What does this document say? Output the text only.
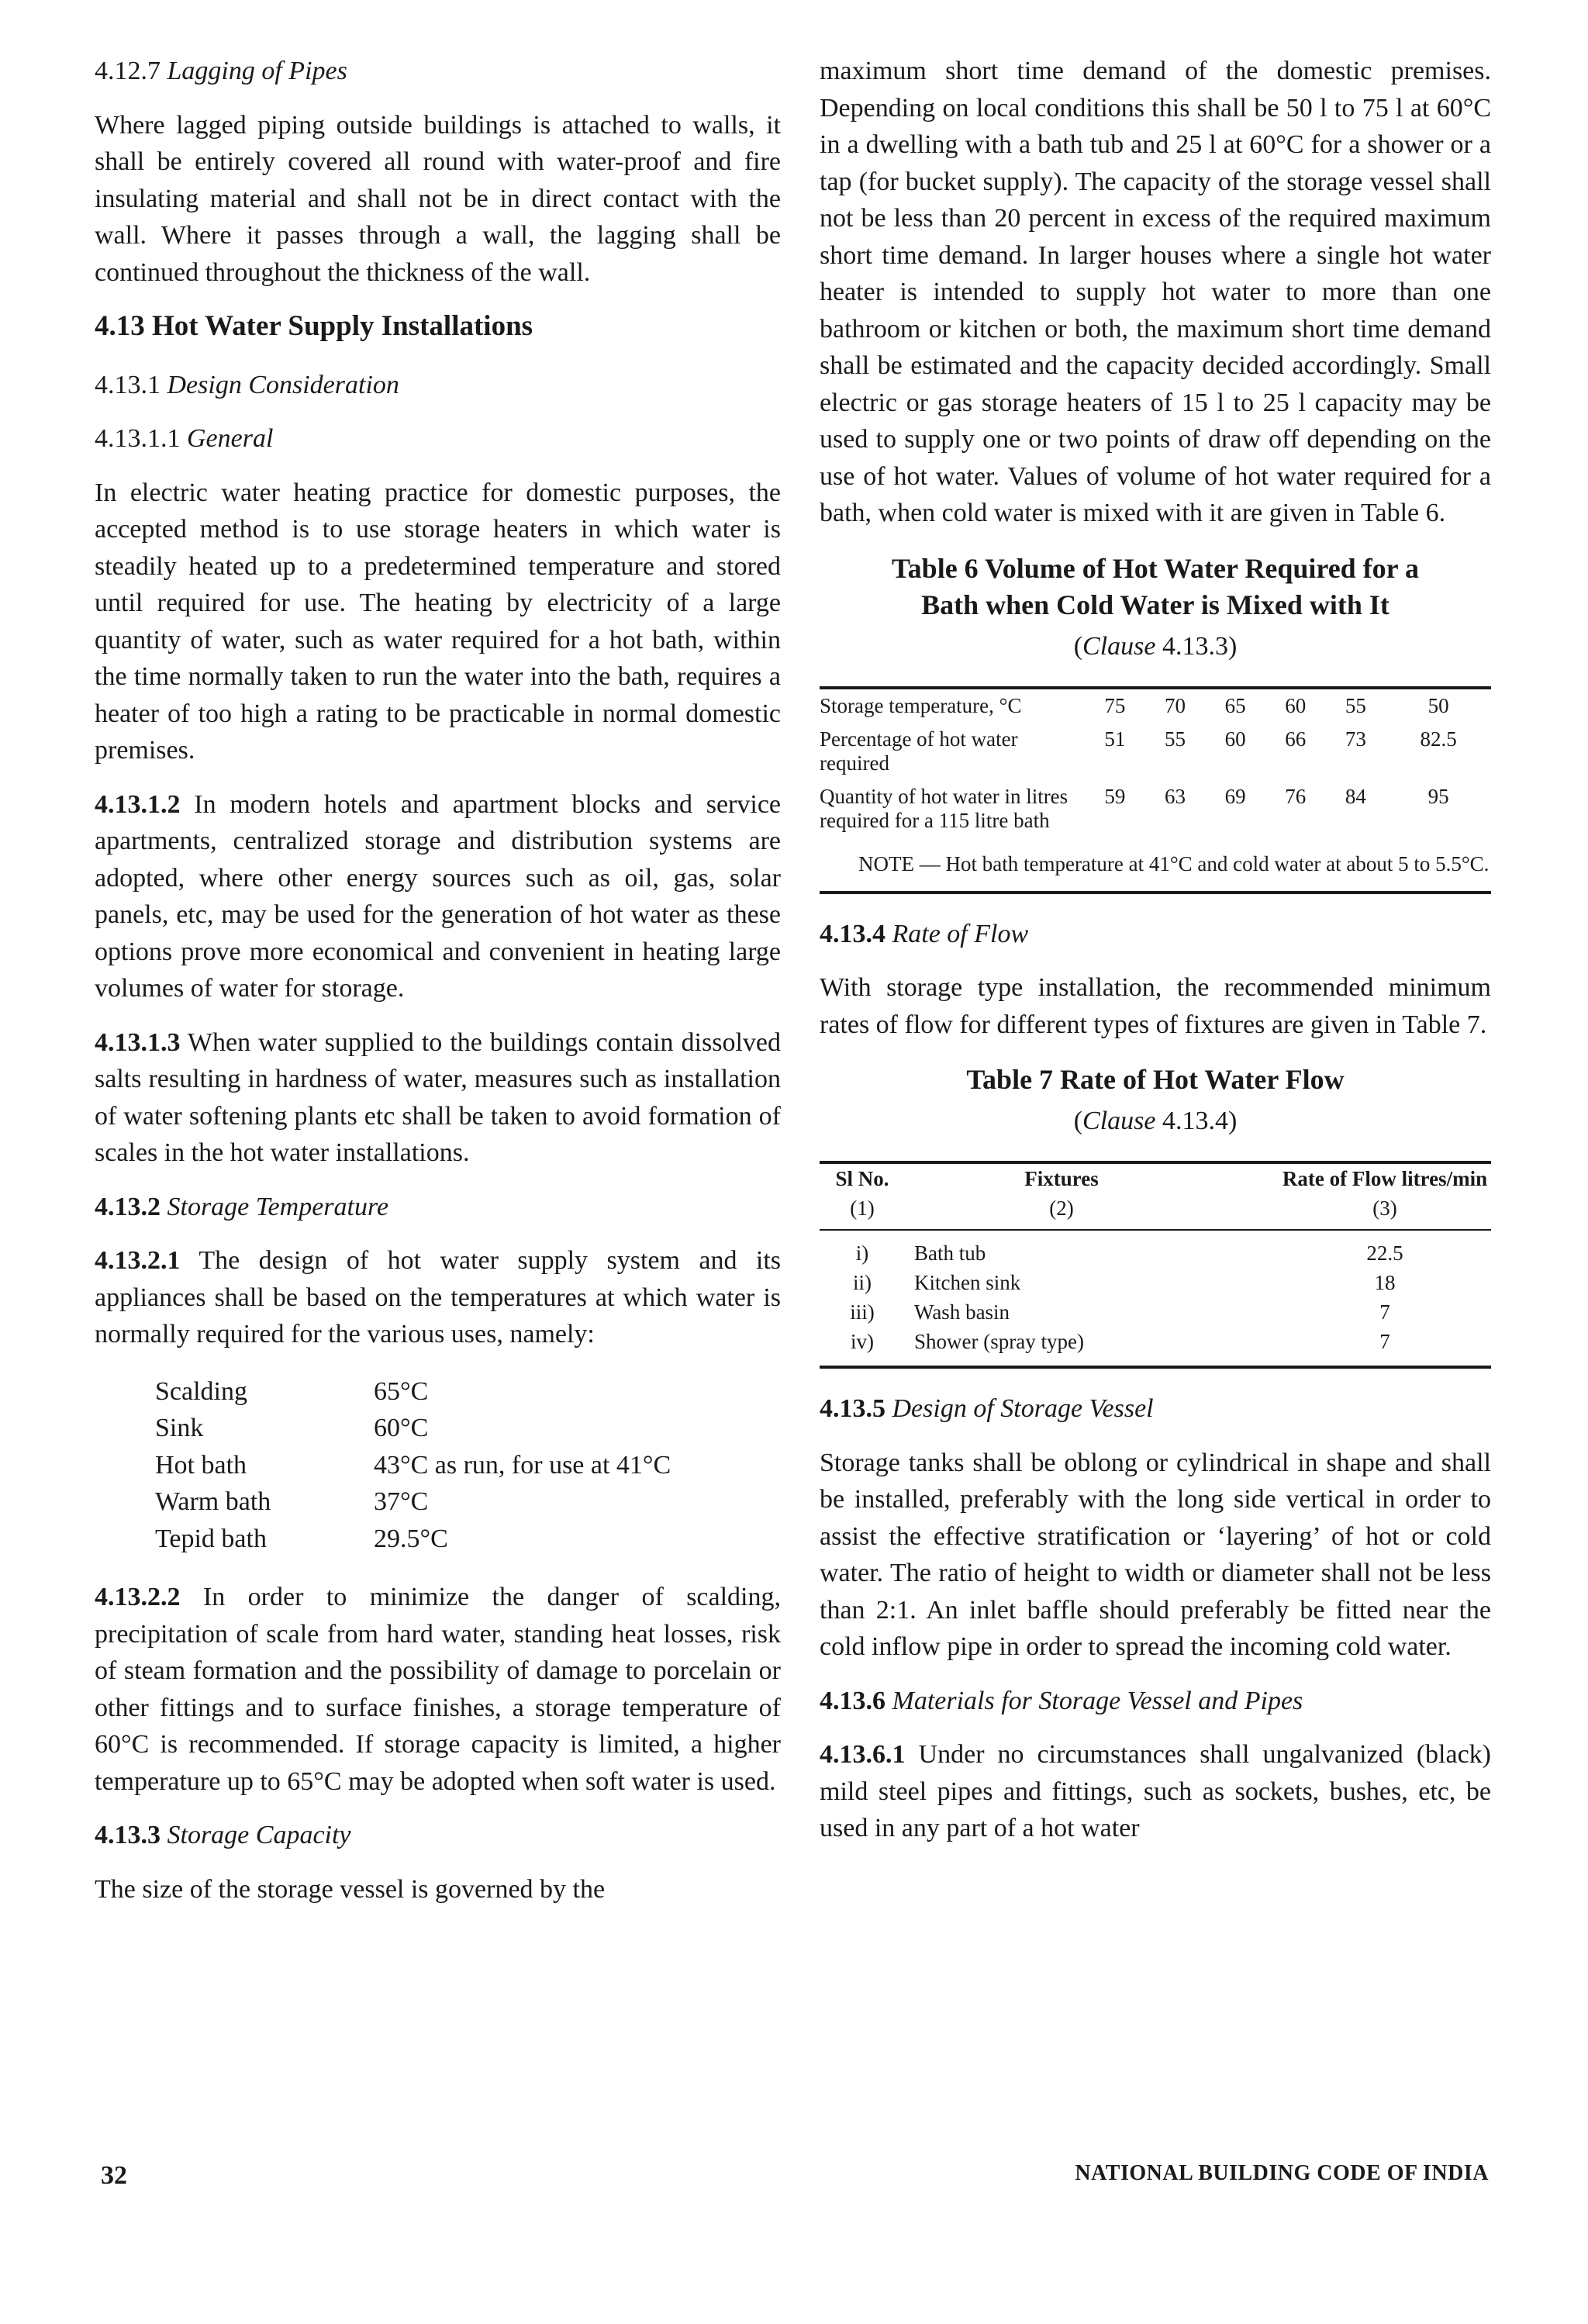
4.12.7 Lagging of Pipes

Where lagged piping outside buildings is attached to walls, it shall be entirely covered all round with water-proof and fire insulating material and shall not be in direct contact with the wall. Where it passes through a wall, the lagging shall be continued throughout the thickness of the wall.

4.13 Hot Water Supply Installations
4.13.1 Design Consideration
4.13.1.1 General

In electric water heating practice for domestic purposes, the accepted method is to use storage heaters in which water is steadily heated up to a predetermined temperature and stored until required for use. The heating by electricity of a large quantity of water, such as water required for a hot bath, within the time normally taken to run the water into the bath, requires a heater of too high a rating to be practicable in normal domestic premises.

4.13.1.2 In modern hotels and apartment blocks and service apartments, centralized storage and distribution systems are adopted, where other energy sources such as oil, gas, solar panels, etc, may be used for the generation of hot water as these options prove more economical and convenient in heating large volumes of water for storage.

4.13.1.3 When water supplied to the buildings contain dissolved salts resulting in hardness of water, measures such as installation of water softening plants etc shall be taken to avoid formation of scales in the hot water installations.

4.13.2 Storage Temperature

4.13.2.1 The design of hot water supply system and its appliances shall be based on the temperatures at which water is normally required for the various uses, namely:

Scalding	65°C
Sink	60°C
Hot bath	43°C as run, for use at 41°C
Warm bath	37°C
Tepid bath	29.5°C

4.13.2.2 In order to minimize the danger of scalding, precipitation of scale from hard water, standing heat losses, risk of steam formation and the possibility of damage to porcelain or other fittings and to surface finishes, a storage temperature of 60°C is recommended. If storage capacity is limited, a higher temperature up to 65°C may be adopted when soft water is used.

4.13.3 Storage Capacity

The size of the storage vessel is governed by the

maximum short time demand of the domestic premises. Depending on local conditions this shall be 50 l to 75 l at 60°C in a dwelling with a bath tub and 25 l at 60°C for a shower or a tap (for bucket supply). The capacity of the storage vessel shall not be less than 20 percent in excess of the required maximum short time demand. In larger houses where a single hot water heater is intended to supply hot water to more than one bathroom or kitchen or both, the maximum short time demand shall be estimated and the capacity decided accordingly. Small electric or gas storage heaters of 15 l to 25 l capacity may be used to supply one or two points of draw off depending on the use of hot water. Values of volume of hot water required for a bath, when cold water is mixed with it are given in Table 6.

Table 6 Volume of Hot Water Required for a
Bath when Cold Water is Mixed with It
(Clause 4.13.3)
Storage temperature, °C	75	70	65	60	55	50
Percentage of hot water required	51	55	60	66	73	82.5
Quantity of hot water in litres required for a 115 litre bath	59	63	69	76	84	95
NOTE — Hot bath temperature at 41°C and cold water at about 5 to 5.5°C.
4.13.4 Rate of Flow

With storage type installation, the recommended minimum rates of flow for different types of fixtures are given in Table 7.

Table 7 Rate of Hot Water Flow
(Clause 4.13.4)
Sl No.	Fixtures	Rate of Flow litres/min
(1)	(2)	(3)
i)	Bath tub	22.5
ii)	Kitchen sink	18
iii)	Wash basin	7
iv)	Shower (spray type)	7
4.13.5 Design of Storage Vessel

Storage tanks shall be oblong or cylindrical in shape and shall be installed, preferably with the long side vertical in order to assist the effective stratification or ‘layering’ of hot or cold water. The ratio of height to width or diameter shall not be less than 2:1. An inlet baffle should preferably be fitted near the cold inflow pipe in order to spread the incoming cold water.

4.13.6 Materials for Storage Vessel and Pipes

4.13.6.1 Under no circumstances shall ungalvanized (black) mild steel pipes and fittings, such as sockets, bushes, etc, be used in any part of a hot water

32	NATIONAL BUILDING CODE OF INDIA
